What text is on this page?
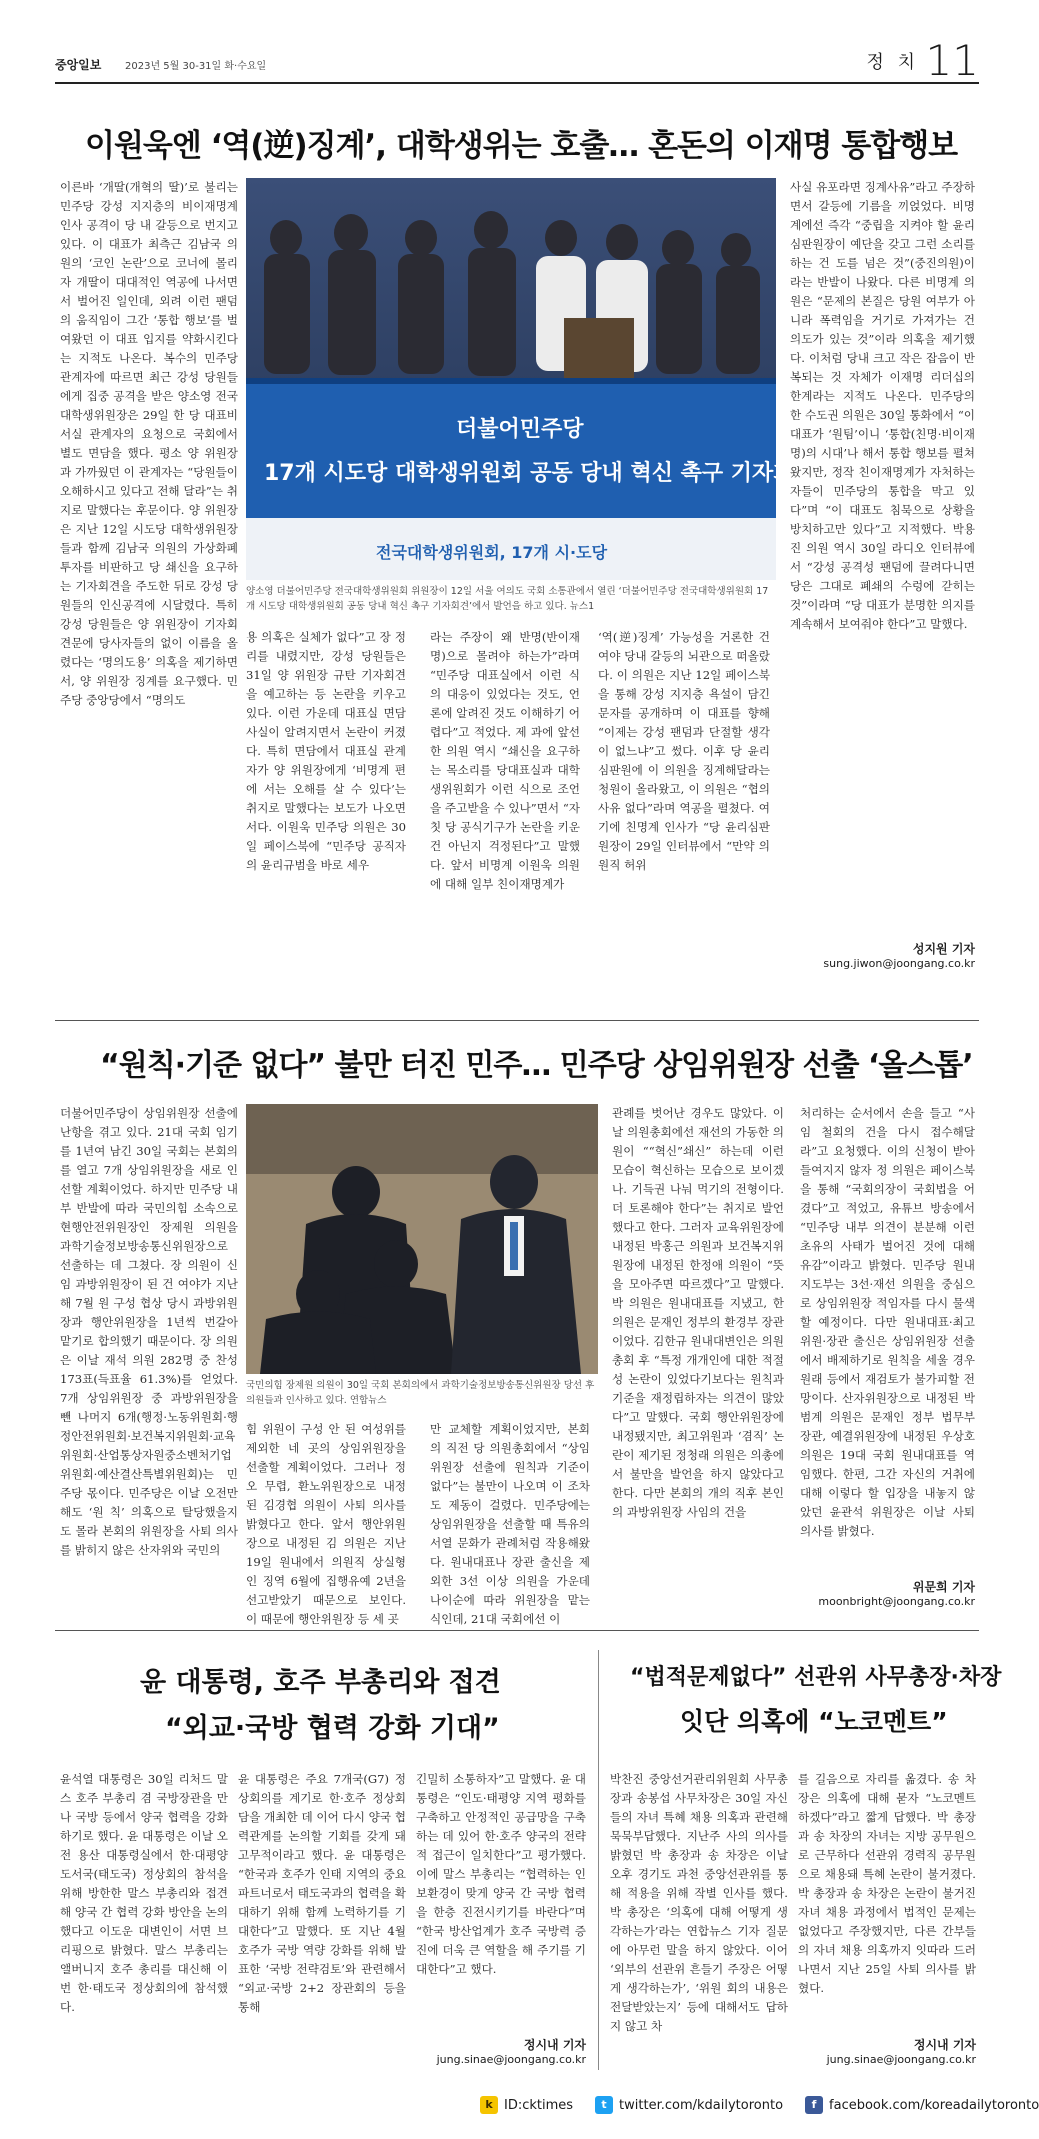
중앙일보 2023년 5월 30-31일 화·수요일	정 치 11
이원욱엔 ‘역(逆)징계’, 대학생위는 호출… 혼돈의 이재명 통합행보
이른바 ‘개딸(개혁의 딸)’로 불리는 민주당 강성 지지층의 비이재명계 인사 공격이 당 내 갈등으로 번지고 있다. 이 대표가 최측근 김남국 의원의 ‘코인 논란’으로 코너에 몰리자 개딸이 대대적인 역공에 나서면서 벌어진 일인데, 외려 이런 팬덤의 움직임이 그간 ‘통합 행보’를 벌여왔던 이 대표 입지를 약화시킨다는 지적도 나온다. 복수의 민주당 관계자에 따르면 최근 강성 당원들에게 집중 공격을 받은 양소영 전국대학생위원장은 29일 한 당 대표비서실 관계자의 요청으로 국회에서 별도 면담을 했다. 평소 양 위원장과 가까웠던 이 관계자는 “당원들이 오해하시고 있다고 전해 달라”는 취지로 말했다는 후문이다. 양 위원장은 지난 12일 시도당 대학생위원장들과 함께 김남국 의원의 가상화폐 투자를 비판하고 당 쇄신을 요구하는 기자회견을 주도한 뒤로 강성 당원들의 인신공격에 시달렸다. 특히 강성 당원들은 양 위원장이 기자회견문에 당사자들의 없이 이름을 올렸다는 ‘명의도용’ 의혹을 제기하면서, 양 위원장 징계를 요구했다. 민주당 중앙당에서 “명의도
더불어민주당
17개 시도당 대학생위원회 공동 당내 혁신 촉구 기자회견
전국대학생위원회, 17개 시·도당
양소영 더불어민주당 전국대학생위원회 위원장이 12일 서울 여의도 국회 소통관에서 열린 ‘더불어민주당 전국대학생위원회 17개 시도당 대학생위원회 공동 당내 혁신 촉구 기자회견’에서 발언을 하고 있다. 뉴스1
용 의혹은 실체가 없다”고 장 정리를 내렸지만, 강성 당원들은 31일 양 위원장 규탄 기자회견을 예고하는 등 논란을 키우고 있다. 이런 가운데 대표실 면담 사실이 알려지면서 논란이 커졌다. 특히 면담에서 대표실 관계자가 양 위원장에게 ‘비명계 편에 서는 오해를 살 수 있다’는 취지로 말했다는 보도가 나오면서다. 이원욱 민주당 의원은 30일 페이스북에 “민주당 공직자의 윤리규범을 바로 세우
라는 주장이 왜 반명(반이재명)으로 몰려야 하는가”라며 “민주당 대표실에서 이런 식의 대응이 있었다는 것도, 언론에 알려진 것도 이해하기 어렵다”고 적었다. 제 과에 앞선 한 의원 역시 “쇄신을 요구하는 목소리를 당대표실과 대학생위원회가 이런 식으로 조언을 주고받을 수 있나”면서 “자칫 당 공식기구가 논란을 키운 건 아닌지 걱정된다”고 말했다. 앞서 비명계 이원욱 의원에 대해 일부 친이재명계가
‘역(逆)징계’ 가능성을 거론한 건 여야 당내 갈등의 뇌관으로 떠올랐다. 이 의원은 지난 12일 페이스북을 통해 강성 지지층 욕설이 담긴 문자를 공개하며 이 대표를 향해 “이제는 강성 팬덤과 단절할 생각이 없느냐”고 썼다. 이후 당 윤리심판원에 이 의원을 징계해달라는 청원이 올라왔고, 이 의원은 “협의사유 없다”라며 역공을 펼쳤다. 여기에 친명계 인사가 “당 윤리심판원장이 29일 인터뷰에서 “만약 의원직 허위
사실 유포라면 징계사유”라고 주장하면서 갈등에 기름을 끼얹었다. 비명계에선 즉각 “중립을 지켜야 할 윤리심판원장이 예단을 갖고 그런 소리를 하는 건 도를 넘은 것”(중진의원)이라는 반발이 나왔다. 다른 비명계 의원은 “문제의 본질은 당원 여부가 아니라 폭력임을 거기로 가져가는 건 의도가 있는 것”이라 의혹을 제기했다. 이처럼 당내 크고 작은 잡음이 반복되는 것 자체가 이재명 리더십의 한계라는 지적도 나온다. 민주당의 한 수도권 의원은 30일 통화에서 “이대표가 ‘원팀’이니 ‘통합(친명·비이재명)의 시대’나 해서 통합 행보를 펼쳐왔지만, 정작 친이재명계가 자처하는 자들이 민주당의 통합을 막고 있다”며 “이 대표도 침묵으로 상황을 방치하고만 있다”고 지적했다. 박용진 의원 역시 30일 라디오 인터뷰에서 “강성 공격성 팬덤에 끌려다니면 당은 그대로 폐쇄의 수렁에 갇히는 것”이라며 “당 대표가 분명한 의지를 계속해서 보여줘야 한다”고 말했다.
성지원 기자
sung.jiwon@joongang.co.kr
“원칙·기준 없다” 불만 터진 민주… 민주당 상임위원장 선출 ‘올스톱’
더불어민주당이 상임위원장 선출에 난항을 겪고 있다. 21대 국회 임기를 1년여 남긴 30일 국회는 본회의를 열고 7개 상임위원장을 새로 인선할 계획이었다. 하지만 민주당 내부 반발에 따라 국민의힘 소속으로 현행안전위원장인 장제원 의원을 과학기술정보방송통신위원장으로 선출하는 데 그쳤다. 장 의원이 신임 과방위원장이 된 건 여야가 지난해 7월 원 구성 협상 당시 과방위원장과 행안위원장을 1년씩 번갈아 맡기로 합의했기 때문이다. 장 의원은 이날 재석 의원 282명 중 찬성 173표(득표율 61.3%)를 얻었다. 7개 상임위원장 중 과방위원장을 뺀 나머지 6개(행정·노동위원회·행정안전위원회·보건복지위원회·교육위원회·산업통상자원중소벤처기업위원회·예산결산특별위원회)는 민주당 몫이다. 민주당은 이날 오전만 해도 ‘원 칙’ 의혹으로 탈당했을지도 몰라 본회의 위원장을 사퇴 의사를 밝히지 않은 산자위와 국민의
국민의힘 장제원 의원이 30일 국회 본회의에서 과학기술정보방송통신위원장 당선 후 의원들과 인사하고 있다. 연합뉴스
힘 위원이 구성 안 된 여성위를 제외한 네 곳의 상임위원장을 선출할 계획이었다. 그러나 정오 무렵, 환노위원장으로 내정된 김경협 의원이 사퇴 의사를 밝혔다고 한다. 앞서 행안위원장으로 내정된 김 의원은 지난 19일 원내에서 의원직 상실형인 징역 6월에 집행유예 2년을 선고받았기 때문으로 보인다. 이 때문에 행안위원장 등 세 곳
만 교체할 계획이었지만, 본회의 직전 당 의원총회에서 “상임위원장 선출에 원칙과 기준이 없다”는 불만이 나오며 이 조차도 제동이 걸렸다. 민주당에는 상임위원장을 선출할 때 특유의 서열 문화가 관례처럼 작용해왔다. 원내대표나 장관 출신을 제외한 3선 이상 의원을 가운데 나이순에 따라 위원장을 맡는 식인데, 21대 국회에선 이
관례를 벗어난 경우도 많았다. 이날 의원총회에선 재선의 가동한 의원이 ““혁신”쇄신” 하는데 이런 모습이 혁신하는 모습으로 보이겠나. 기득권 나눠 먹기의 전형이다. 더 토론해야 한다”는 취지로 발언했다고 한다. 그러자 교육위원장에 내정된 박홍근 의원과 보건복지위원장에 내정된 한정애 의원이 “뜻을 모아주면 따르겠다”고 말했다. 박 의원은 원내대표를 지냈고, 한 의원은 문재인 정부의 환경부 장관이었다. 김한규 원내대변인은 의원총회 후 “특정 개개인에 대한 적절성 논란이 있었다기보다는 원칙과 기준을 재정립하자는 의견이 많았다”고 말했다. 국회 행안위원장에 내정됐지만, 최고위원과 ‘겸직’ 논란이 제기된 정청래 의원은 의총에서 불만을 발언을 하지 않았다고 한다. 다만 본회의 개의 직후 본인의 과방위원장 사임의 건을
처리하는 순서에서 손을 들고 “사임 철회의 건을 다시 접수해달라”고 요청했다. 이의 신청이 받아들여지지 않자 정 의원은 페이스북을 통해 “국회의장이 국회법을 어겼다”고 적었고, 유튜브 방송에서 “민주당 내부 의견이 분분해 이런 초유의 사태가 벌어진 것에 대해 유감”이라고 밝혔다. 민주당 원내지도부는 3선·재선 의원을 중심으로 상임위원장 적임자를 다시 물색할 예정이다. 다만 원내대표·최고위원·장관 출신은 상임위원장 선출에서 배제하기로 원칙을 세울 경우 원래 등에서 재검토가 불가피할 전망이다. 산자위원장으로 내정된 박범계 의원은 문재인 정부 법무부 장관, 예결위원장에 내정된 우상호 의원은 19대 국회 원내대표를 역임했다. 한편, 그간 자신의 거취에 대해 이렇다 할 입장을 내놓지 않았던 윤관석 위원장은 이날 사퇴 의사를 밝혔다.
위문희 기자
moonbright@joongang.co.kr
윤 대통령, 호주 부총리와 접견
“외교·국방 협력 강화 기대”
윤석열 대통령은 30일 리처드 말스 호주 부총리 겸 국방장관을 만나 국방 등에서 양국 협력을 강화하기로 했다. 윤 대통령은 이날 오전 용산 대통령실에서 한·대평양 도서국(태도국) 정상회의 참석을 위해 방한한 말스 부총리와 접견해 양국 간 협력 강화 방안을 논의했다고 이도운 대변인이 서면 브리핑으로 밝혔다. 말스 부총리는 앨버니지 호주 총리를 대신해 이번 한·태도국 정상회의에 참석했다.
윤 대통령은 주요 7개국(G7) 정상회의를 계기로 한·호주 정상회담을 개최한 데 이어 다시 양국 협력관계를 논의할 기회를 갖게 돼 고무적이라고 했다. 윤 대통령은 “한국과 호주가 인태 지역의 중요 파트너로서 태도국과의 협력을 확대하기 위해 함께 노력하기를 기대한다”고 말했다. 또 지난 4월 호주가 국방 역량 강화를 위해 발표한 ‘국방 전략검토’와 관련해서 “외교·국방 2+2 장관회의 등을 통해
긴밀히 소통하자”고 말했다. 윤 대통령은 “인도·태평양 지역 평화를 구축하고 안정적인 공급망을 구축하는 데 있어 한·호주 양국의 전략적 접근이 일치한다”고 평가했다. 이에 말스 부총리는 “협력하는 인보환경이 맞게 양국 간 국방 협력을 한층 진전시키기를 바란다”며 “한국 방산업계가 호주 국방력 증진에 더욱 큰 역할을 해 주기를 기대한다”고 했다.
정시내 기자
jung.sinae@joongang.co.kr
“법적문제없다” 선관위 사무총장·차장
잇단 의혹에 “노코멘트”
박찬진 중앙선거관리위원회 사무총장과 송봉섭 사무차장은 30일 자신들의 자녀 특혜 채용 의혹과 관련해 묵묵부답했다. 지난주 사의 의사를 밝혔던 박 총장과 송 차장은 이날 오후 경기도 과천 중앙선관위를 통해 적용을 위해 작별 인사를 했다. 박 총장은 ‘의혹에 대해 어떻게 생각하는가’라는 연합뉴스 기자 질문에 아무런 말을 하지 않았다. 이어 ‘외부의 선관위 흔들기 주장은 어떻게 생각하는가’, ‘위원 회의 내용은 전달받았는지’ 등에 대해서도 답하지 않고 차
를 길음으로 자리를 옮겼다. 송 차장은 의혹에 대해 묻자 “노코멘트 하겠다”라고 짧게 답했다. 박 총장과 송 차장의 자녀는 지방 공무원으로 근무하다 선관위 경력직 공무원으로 채용돼 특혜 논란이 불거졌다. 박 총장과 송 차장은 논란이 불거진 자녀 채용 과정에서 법적인 문제는 없었다고 주장했지만, 다른 간부들의 자녀 채용 의혹까지 잇따라 드러나면서 지난 25일 사퇴 의사를 밝혔다.
정시내 기자
jung.sinae@joongang.co.kr
k ID:cktimes	t twitter.com/kdailytoronto	f facebook.com/koreadailytoronto
